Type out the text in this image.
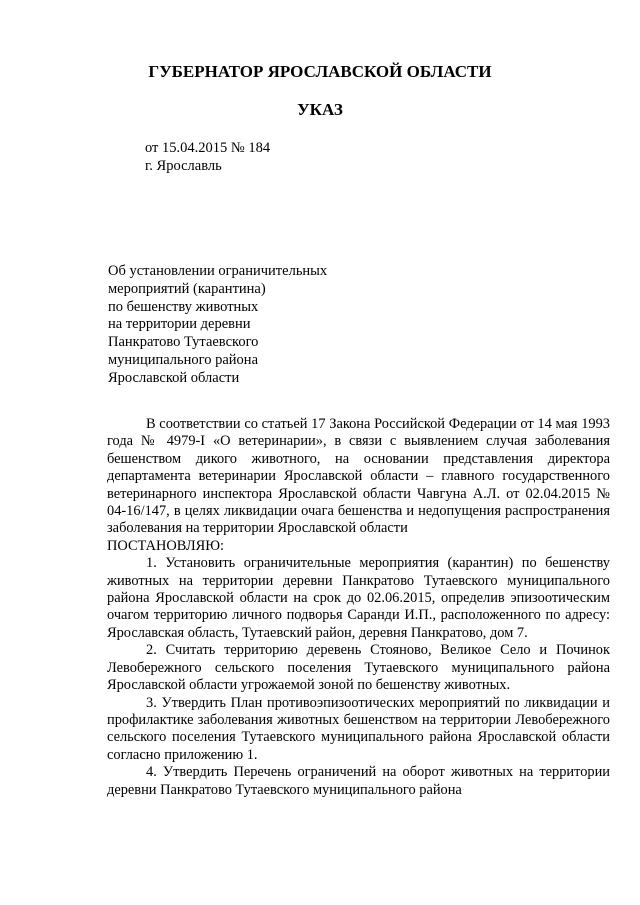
ГУБЕРНАТОР ЯРОСЛАВСКОЙ ОБЛАСТИ
УКАЗ
от 15.04.2015 № 184
г. Ярославль
Об установлении ограничительных
мероприятий (карантина)
по бешенству животных
на территории деревни
Панкратово Тутаевского
муниципального района
Ярославской области

В соответствии со статьей 17 Закона Российской Федерации от 14 мая 1993 года № 4979-I «О ветеринарии», в связи с выявлением случая заболевания бешенством дикого животного, на основании представления директора департамента ветеринарии Ярославской области – главного государственного ветеринарного инспектора Ярославской области Чавгуна А.Л. от 02.04.2015 № 04-16/147, в целях ликвидации очага бешенства и недопущения распространения заболевания на территории Ярославской области

ПОСТАНОВЛЯЮ:

1. Установить ограничительные мероприятия (карантин) по бешенству животных на территории деревни Панкратово Тутаевского муниципального района Ярославской области на срок до 02.06.2015, определив эпизоотическим очагом территорию личного подворья Саранди И.П., расположенного по адресу: Ярославская область, Тутаевский район, деревня Панкратово, дом 7.

2. Считать территорию деревень Стояново, Великое Село и Починок Левобережного сельского поселения Тутаевского муниципального района Ярославской области угрожаемой зоной по бешенству животных.

3. Утвердить План противоэпизоотических мероприятий по ликвидации и профилактике заболевания животных бешенством на территории Левобережного сельского поселения Тутаевского муниципального района Ярославской области согласно приложению 1.

4. Утвердить Перечень ограничений на оборот животных на территории деревни Панкратово Тутаевского муниципального района
